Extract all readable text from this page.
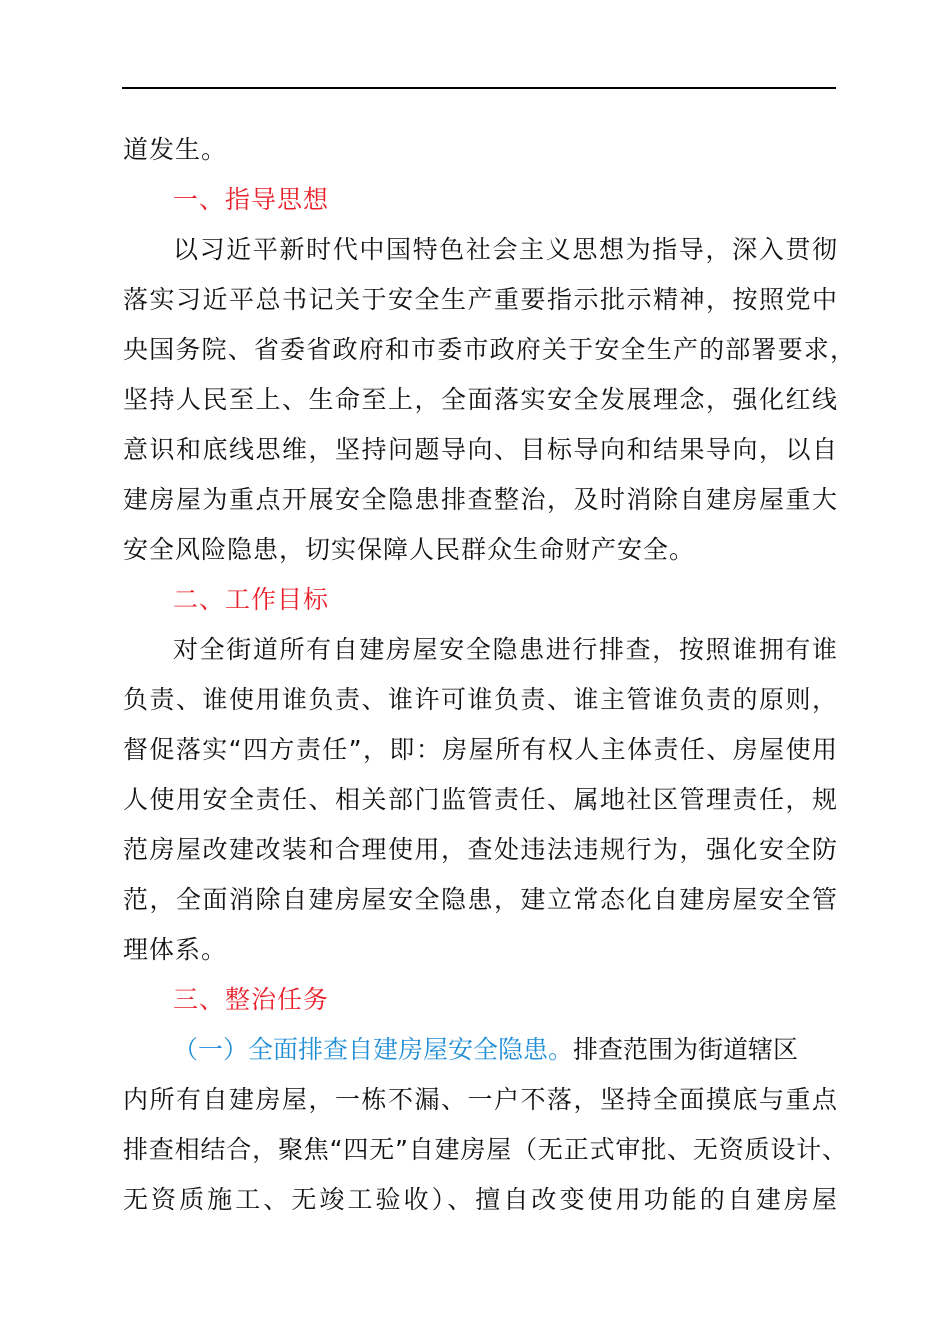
道发生。
一、指导思想
以习近平新时代中国特色社会主义思想为指导，深入贯彻
落实习近平总书记关于安全生产重要指示批示精神，按照党中
央国务院、省委省政府和市委市政府关于安全生产的部署要求，
坚持人民至上、生命至上，全面落实安全发展理念，强化红线
意识和底线思维，坚持问题导向、目标导向和结果导向，以自
建房屋为重点开展安全隐患排查整治，及时消除自建房屋重大
安全风险隐患，切实保障人民群众生命财产安全。
二、工作目标
对全街道所有自建房屋安全隐患进行排查，按照谁拥有谁
负责、谁使用谁负责、谁许可谁负责、谁主管谁负责的原则，
督促落实“四方责任”，即：房屋所有权人主体责任、房屋使用
人使用安全责任、相关部门监管责任、属地社区管理责任，规
范房屋改建改装和合理使用，查处违法违规行为，强化安全防
范，全面消除自建房屋安全隐患，建立常态化自建房屋安全管
理体系。
三、整治任务
（一）全面排查自建房屋安全隐患。排查范围为街道辖区
内所有自建房屋，一栋不漏、一户不落，坚持全面摸底与重点
排查相结合，聚焦“四无”自建房屋（无正式审批、无资质设计、
无资质施工、无竣工验收）、擅自改变使用功能的自建房屋
